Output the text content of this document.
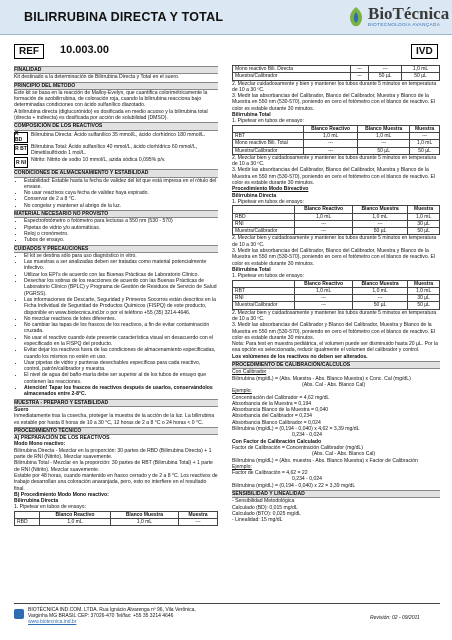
BILIRRUBINA DIRECTA Y TOTAL	BioTécnica
BIOTECNOLOGIA AVANÇADA
REF	10.003.00	IVD

FINALIDAD

Kit destinado a la determinación de Bilirrubina Directa y Total en el suero.

PRINCIPIO DEL METODO

Este kit se basa en la reacción de Malloy-Evelyn, que cuantifica colorimétricamente la formación de azobilirrubina, de coloración roja, cuando la bilirrubina reacciona bajo determinadas condiciones con ácido sulfanílico diazotado.

A bilirrubina directa (diglucurónido) es dosificada en medio acuoso y la bilirrubina total (directa + indirecta) es dosificada por acción de solubilidad (DMSO).

COMPOSICIÓN DE LOS REACTIVOS

R BD
Bilirrubina Directa: Ácido sulfanílico 35 mmol/L, ácido clorhídrico 180 mmol/L.
R BT Bilirrubina Total: Ácido sulfanílico 40 mmol/L, ácido clorhídrico 60 mmol/L, Dimetilsulfóxido 1 mol/L.
R NI Nitrito: Nitrito de sodio 10 mmol/L, azida sódica 0,095% p/v.

CONDICIONES DE ALMACENAMIENTO Y ESTABILIDAD

• Estabilidad: Estable hasta la fecha de validez del kit que está impresa en el rótulo del envase.
• No usar reactivos cuya fecha de validez haya expirado.
• Conservar de 2 a 8 °C.
• No congelar y mantener al abrigo de la luz.

MATERIAL NECESARIO NO PROVISTO

• Espectrofotómetro o fotómetro para lecturas a 550 nm (530 - 570)
• Pipetas de vidrio y/o automáticas.
• Reloj o cronómetro.
• Tubos de ensayo.

CUIDADOS Y PRECAUCIONES

• El kit se destina sólo para uso diagnóstico in vitro.
• Las muestras a ser analizadas deben ser tratadas como material potencialmente infectivo.
• Utilizar los EPI's de acuerdo con las Buenas Prácticas de Laboratorio Clínico.
• Desechar los sobras de los reacciones de acuerdo con las Buenas Prácticas de Laboratorio Clínico (BPLC) y Programa de Gestión de Residuos de Servicio de Salud (PGRSS).
• Las informaciones de Descarte, Seguridad y Primeros Socorros están descritos en la Ficha Individual de Seguridad de Productos Químicos (FISPQ) de este producto, disponible en www.biotecnica.ind.br o por el teléfono +55 (35) 3214-4646.
• No mezclar reactivos de lotes diferentes.
• No cambiar las tapas de los frascos de los reactivos, a fin de evitar contaminación cruzada.
• No usar el reactivo cuando éste presente característica visual en desacuerdo con el especificado en la FISPQ del producto.
• Evitar dejar los reactivos fuera de las condiciones de almacenamiento especificadas, cuando los mismos no estén en uso.
• Usar pipetas de vidrio y punteras desechables específicas para cada reactivo, control, patrón/calibrador y muestra.
• El nivel de agua del baño-maría debe ser superior al de los tubos de ensayo que contienen las reacciones.
• Atención! Tapar los frascos de reactivos después de usarlos, conservándolos almacenados entre 2-8°C.

MUESTRA - PREPARO Y ESTABILIDAD

Suero

Inmediatamente tras la cosecha, proteger la muestra de la acción de la luz. La bilirrubina es estable por hasta 8 horas de 10 a 30 °C, 12 horas de 2 a 8 °C o 24 horas < 0 °C.

PROCEDIMIENTO TÉCNICO

A) PREPARACIÓN DE LOS REACTIVOS

Modo Mono reactivo:

Bilirrubina Directa - Mezclar en la proporción: 30 partes de RBD (Bilirrubina Directa) + 1 parte de RNI (Nitrito). Mezclar suavemente.

Bilirrubina Total - Mezclar en la proporción: 30 partes de RBT (Bilirrubina Total) + 1 parte de RNI (Nitrito). Mezclar suavemente.

Estable por 48 horas, cuando mantenido en frasco cerrado y de 2 a 8 °C. Los reactivos de trabajo desarrollan una coloración anaranjada, pero, esto no interfiere en el resultado final.

B) Procedimiento Modo Mono reactivo:

Bilirrubina Directa

1. Pipetear en tubos de ensayo:

	Blanco Reactivo	Blanco Muestra	Muestra
RBD	1,0 mL	1,0 mL	---
Mono reactivo Bili. Directa	---	---	1,0 mL
Muestra/Calibrador	---	50 µL	50 µL

2. Mezclar cuidadosamente y bien y mantener los tubos durante 5 minutos en temperatura de 10 a 30 ºC.

3. Medir las absorbancias del Calibrador, Blanco del Calibrador, Muestra y Blanco de la Muestra en 550 nm (530-570), poniendo en cero el fotómetro con el blanco de reactivo. El color es estable durante 30 minutos.

Bilirrubina Total

1. Pipetear en tubos de ensayo:

	Blanco Reactivo	Blanco Muestra	Muestra
RBT	1,0 mL	1,0 mL	---
Mono reactivo Bili. Total	---	---	1,0 mL
Muestra/Calibrador	---	50 µL	50 µL

2. Mezclar bien y cuidadosamente y mantener los tubos durante 5 minutos en temperatura de 10 a 30 ºC.

3. Medir las absorbancias del Calibrador, Blanco del Calibrador, Muestra y Blanco de la Muestra en 550 nm (530-570), poniendo en cero el fotómetro con el blanco de reactivo. El color es estable durante 30 minutos.

Procedimiento Modo Bireactivo

Bilirrubina Directa

1. Pipetear en tubos de ensayo:

	Blanco Reactivo	Blanco Muestra	Muestra
RBD	1,0 mL	1,0 mL	1,0 mL
RNI	---	---	30 µL
Muestra/Calibrador	---	50 µL	50 µL

2. Mezclar bien y cuidadosamente y mantener los tubos durante 5 minutos en temperatura de 10 a 30 ºC.

3. Medir las absorbancias del Calibrador, Blanco del Calibrador, Muestra y Blanco de la Muestra en 550 nm (530-570), poniendo en cero el fotómetro con el blanco de reactivo. El color es estable durante 30 minutos.

Bilirrubina Total

1. Pipetear en tubos de ensayo:

	Blanco Reactivo	Blanco Muestra	Muestra
RBT	1,0 mL	1,0 mL	1,0 mL
RNI	---	---	30 µL
Muestra/Calibrador	---	50 µL	50 µL

2. Mezclar bien y cuidadosamente y mantener los tubos durante 5 minutos en temperatura de 10 a 30 ºC.

3. Medir las absorbancias del Calibrador y Blanco del Calibrador, Muestra y Blanco de la Muestra en 550 nm (530-570), poniendo en cero el fotómetro con el blanco de reactivo. El color es estable durante 30 minutos.

Nota: Para test en muestra pediátrica, el volumen puede ser disminuido hasta 20 µL. Por la esa opción es seleccionada, reducir igualmente el volumen del calibrador y control.

Los volúmenes de los reactivos no deben ser alterados.

PROCEDIMIENTO DE CALIBRACIÓN/CALCULOS

Con Calibrador

Bilirrubina (mg/dL) = (Abs. Muestra - Abs. Blanco Muestra) x Conc. Cal (mg/dL)

(Abs. Cal - Abs. Blanco Cal)

Ejemplo:

Concentración del Calibrador = 4,62 mg/dL

Absorbancia de la Muestra = 0,194

Absorbancia Blanco de la Muestra = 0,040

Absorbancia del Calibrador = 0,234

Absorbancia Blanco Calibrador = 0,024

Bilirrubina (mg/dL) = (0,194 - 0,040) x 4,62 = 3,39 mg/dL

0,234 - 0,024

Con Factor de Calibración Calculado

Factor de Calibración = Concentración Calibrador (mg/dL)

(Abs. Cal - Abs. Blanco Cal)

Bilirrubina (mg/dL) = (Abs. muestra - Abs. Blanco Muestra) x Factor de Calibración

Ejemplo:

Factor de Calibración = 4,62 = 22

0,234 - 0,024

Bilirrubina (mg/dL) = (0,194 - 0,040) x 22 = 3,39 mg/dL

SENSIBILIDAD Y LINEALIDAD

- Sensibilidad Metodológica

Calculado (BD): 0,015 mg/dL

Calculado (BTO): 0,025 mg/dL

- Linealidad: 15 mg/dL

BIOTÉCNICA IND.COM. LTDA. Rua Ignácio Alvarenga nº 96, Vila Verônica,
Varginha MG BRASIL CEP: 37026-470 Tel/fax: +55 35 3214 4646
www.biotecnica.ind.br
Revisión: 02 - 09/2011
